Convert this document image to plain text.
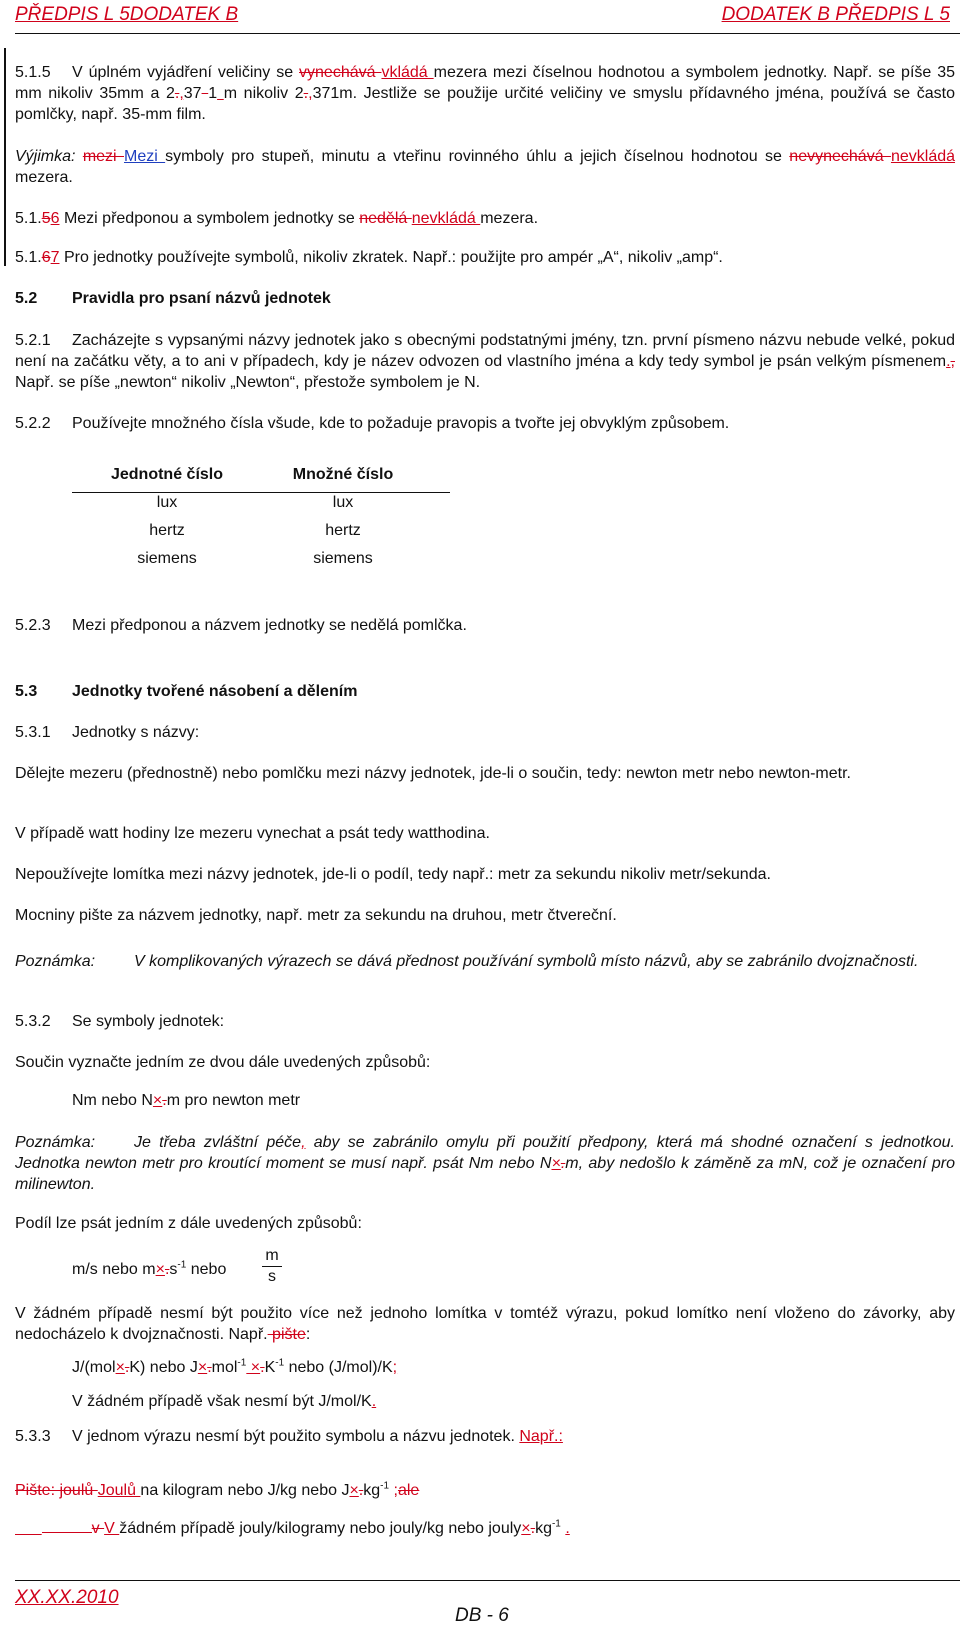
PŘEDPIS L 5DODATEK B	DODATEK B PŘEDPIS L 5
5.1.5 V úplném vyjádření veličiny se vynechává vkládá mezera mezi číselnou hodnotou a symbolem jednotky. Např. se píše 35 mm nikoliv 35mm a 2.,37 1 m nikoliv 2.,371m. Jestliže se použije určité veličiny ve smyslu přídavného jména, používá se často pomlčky, např. 35-mm film.
Výjimka: mezi Mezi symboly pro stupeň, minutu a vteřinu rovinného úhlu a jejich číselnou hodnotou se nevynechává nevkládá mezera.
5.1.56 Mezi předponou a symbolem jednotky se nedělá nevkládá mezera.
5.1.67 Pro jednotky používejte symbolů, nikoliv zkratek. Např.: použijte pro ampér „A“, nikoliv „amp“.
5.2 Pravidla pro psaní názvů jednotek
5.2.1 Zacházejte s vypsanými názvy jednotek jako s obecnými podstatnými jmény, tzn. první písmeno názvu nebude velké, pokud není na začátku věty, a to ani v případech, kdy je název odvozen od vlastního jména a kdy tedy symbol je psán velkým písmenem., Např. se píše „newton“ nikoliv „Newton“, přestože symbolem je N.
5.2.2 Používejte množného čísla všude, kde to požaduje pravopis a tvořte jej obvyklým způsobem.
Jednotné číslo	Množné číslo
lux	lux
hertz	hertz
siemens	siemens
5.2.3 Mezi předponou a názvem jednotky se nedělá pomlčka.
5.3 Jednotky tvořené násobení a dělením
5.3.1 Jednotky s názvy:
Dělejte mezeru (přednostně) nebo pomlčku mezi názvy jednotek, jde-li o součin, tedy: newton metr nebo newton-metr.
V případě watt hodiny lze mezeru vynechat a psát tedy watthodina.
Nepoužívejte lomítka mezi názvy jednotek, jde-li o podíl, tedy např.: metr za sekundu nikoliv metr/sekunda.
Mocniny pište za názvem jednotky, např. metr za sekundu na druhou, metr čtvereční.
Poznámka: V komplikovaných výrazech se dává přednost používání symbolů místo názvů, aby se zabránilo dvojznačnosti.
5.3.2 Se symboly jednotek:
Součin vyznačte jedním ze dvou dále uvedených způsobů:
Nm nebo N×.m pro newton metr
Poznámka: Je třeba zvláštní péče, aby se zabránilo omylu při použití předpony, která má shodné označení s jednotkou. Jednotka newton metr pro kroutící moment se musí např. psát Nm nebo N×.m, aby nedošlo k záměně za mN, což je označení pro milinewton.
Podíl lze psát jedním z dále uvedených způsobů:
m/s nebo $m\times.s^{-1}$ nebo
m
s
V žádném případě nesmí být použito více než jednoho lomítka v tomtéž výrazu, pokud lomítko není vloženo do závorky, aby nedocházelo k dvojznačnosti. Např. pište:
J/(mol×.K) nebo $J\times.mol^{-1} \times.K^{-1}$ nebo (J/mol)/K;
V žádném případě však nesmí být J/mol/K.
5.3.3 V jednom výrazu nesmí být použito symbolu a názvu jednotek. Např.:
Pište: joulů Joulů na kilogram nebo J/kg nebo $J\times.kg^{-1}$ ;ale
v V žádném případě jouly/kilogramy nebo jouly/kg nebo $jouly\times.kg^{-1}$ .
XX.XX.2010
DB - 6
